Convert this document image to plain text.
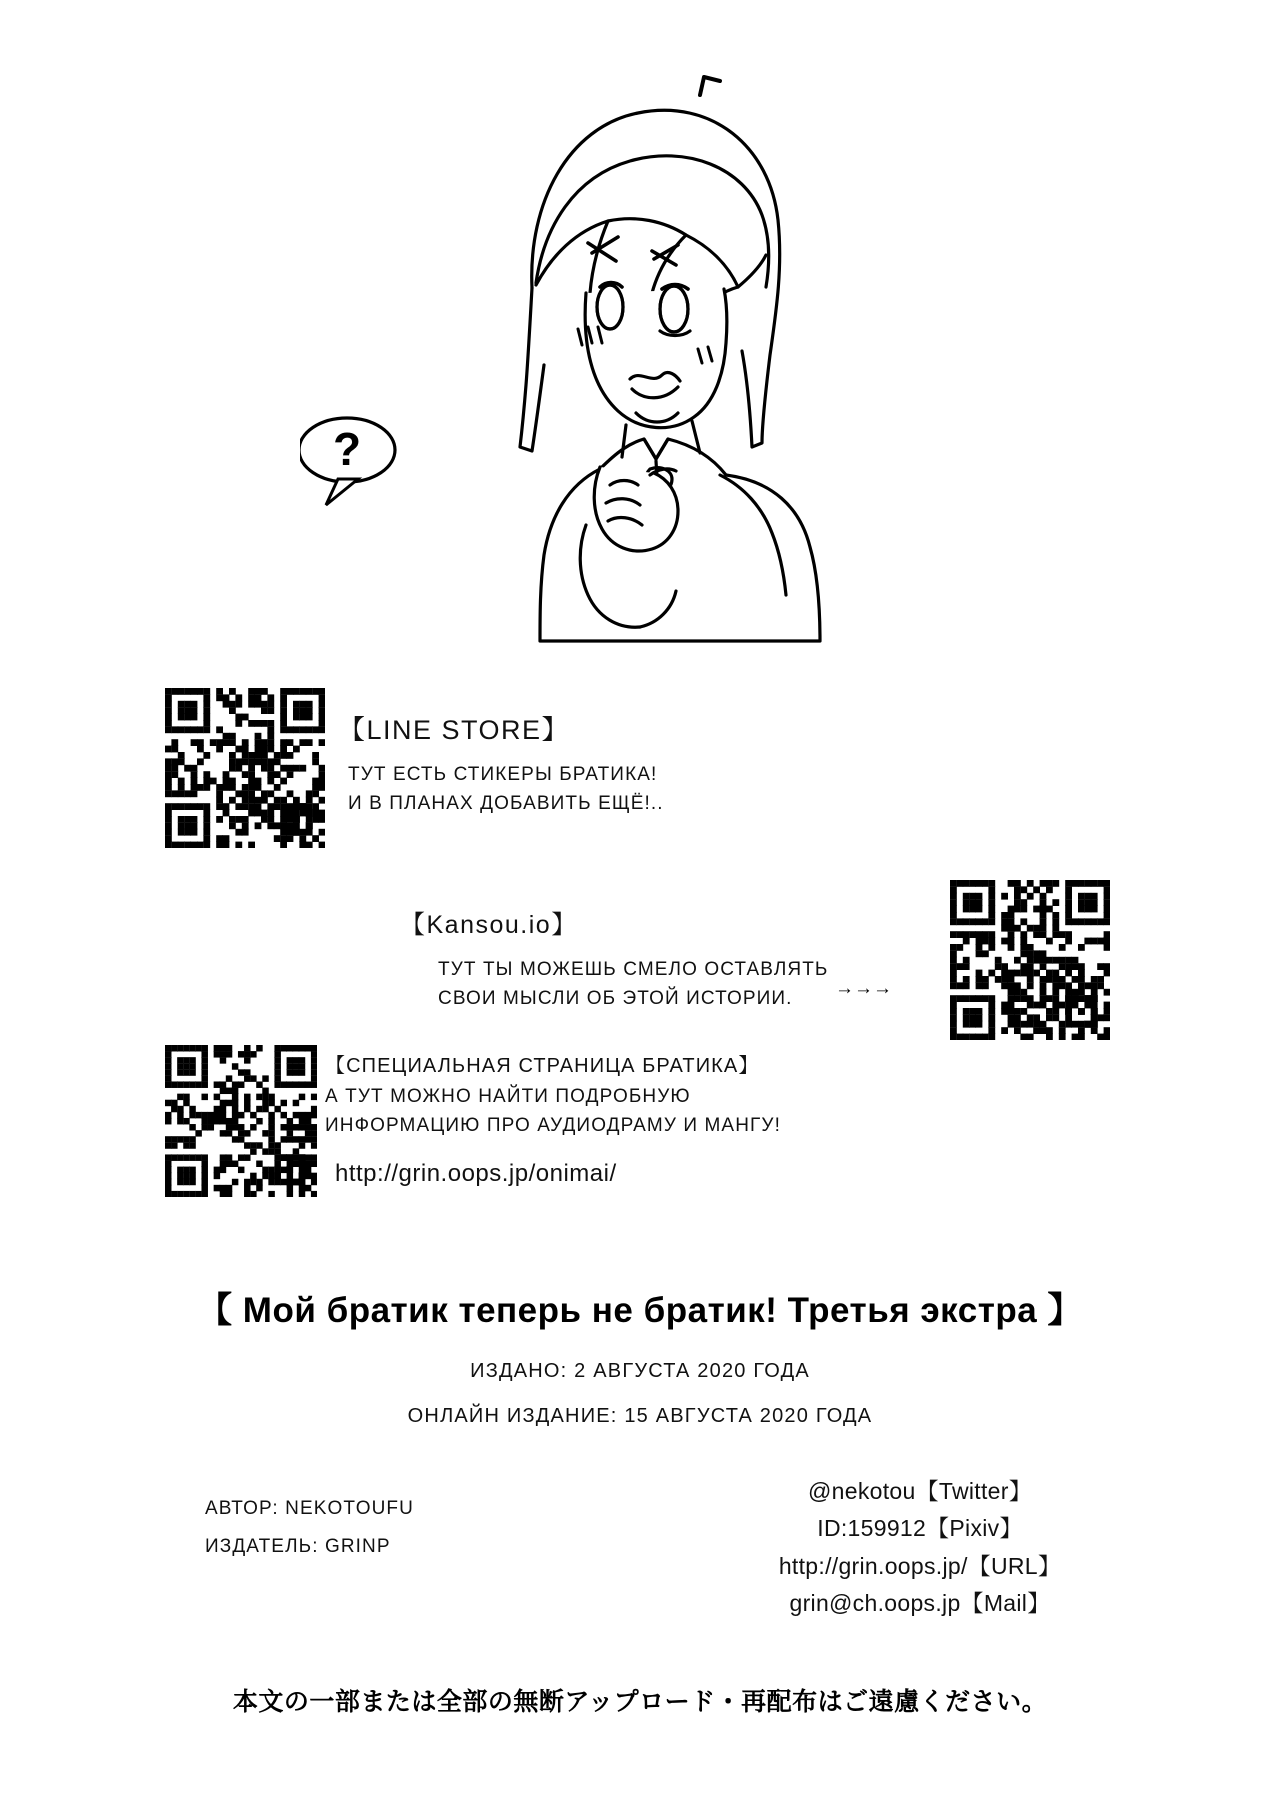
?
【LINE STORE】
ТУТ ЕСТЬ СТИКЕРЫ БРАТИКА!
И В ПЛАНАХ ДОБАВИТЬ ЕЩЁ!..
【Kansou.io】
ТУТ ТЫ МОЖЕШЬ СМЕЛО ОСТАВЛЯТЬ
СВОИ МЫСЛИ ОБ ЭТОЙ ИСТОРИИ.	→→→
【СПЕЦИАЛЬНАЯ СТРАНИЦА БРАТИКА】
А ТУТ МОЖНО НАЙТИ ПОДРОБНУЮ
ИНФОРМАЦИЮ ПРО АУДИОДРАМУ И МАНГУ!
http://grin.oops.jp/onimai/
【 Мой братик теперь не братик! Третья экстра 】
ИЗДАНО: 2 АВГУСТА 2020 ГОДА
ОНЛАЙН ИЗДАНИЕ: 15 АВГУСТА 2020 ГОДА
АВТОР: NEKOTOUFU
ИЗДАТЕЛЬ: GRINP
@nekotou【Twitter】
ID:159912【Pixiv】
http://grin.oops.jp/【URL】
grin@ch.oops.jp【Mail】
本文の一部または全部の無断アップロード・再配布はご遠慮ください。
